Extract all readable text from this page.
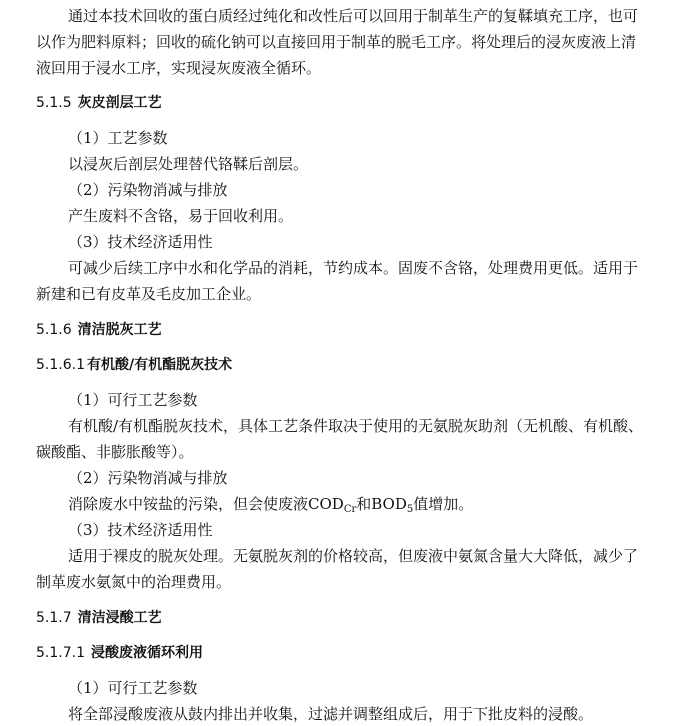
通过本技术回收的蛋白质经过纯化和改性后可以回用于制革生产的复鞣填充工序，也可
以作为肥料原料；回收的硫化钠可以直接回用于制革的脱毛工序。将处理后的浸灰废液上清
液回用于浸水工序，实现浸灰废液全循环。
5.1.5 灰皮剖层工艺
（1）工艺参数
以浸灰后剖层处理替代铬鞣后剖层。
（2）污染物消减与排放
产生废料不含铬，易于回收利用。
（3）技术经济适用性
可减少后续工序中水和化学品的消耗，节约成本。固废不含铬，处理费用更低。适用于
新建和已有皮革及毛皮加工企业。
5.1.6 清洁脱灰工艺
5.1.6.1 有机酸/有机酯脱灰技术
（1）可行工艺参数
有机酸/有机酯脱灰技术，具体工艺条件取决于使用的无氨脱灰助剂（无机酸、有机酸、
碳酸酯、非膨胀酸等）。
（2）污染物消减与排放
消除废水中铵盐的污染，但会使废液$COD_{Cr}$和$BOD_5$值增加。
（3）技术经济适用性
适用于裸皮的脱灰处理。无氨脱灰剂的价格较高，但废液中氨氮含量大大降低，减少了
制革废水氨氮中的治理费用。
5.1.7 清洁浸酸工艺
5.1.7.1 浸酸废液循环利用
（1）可行工艺参数
将全部浸酸废液从鼓内排出并收集，过滤并调整组成后，用于下批皮料的浸酸。
